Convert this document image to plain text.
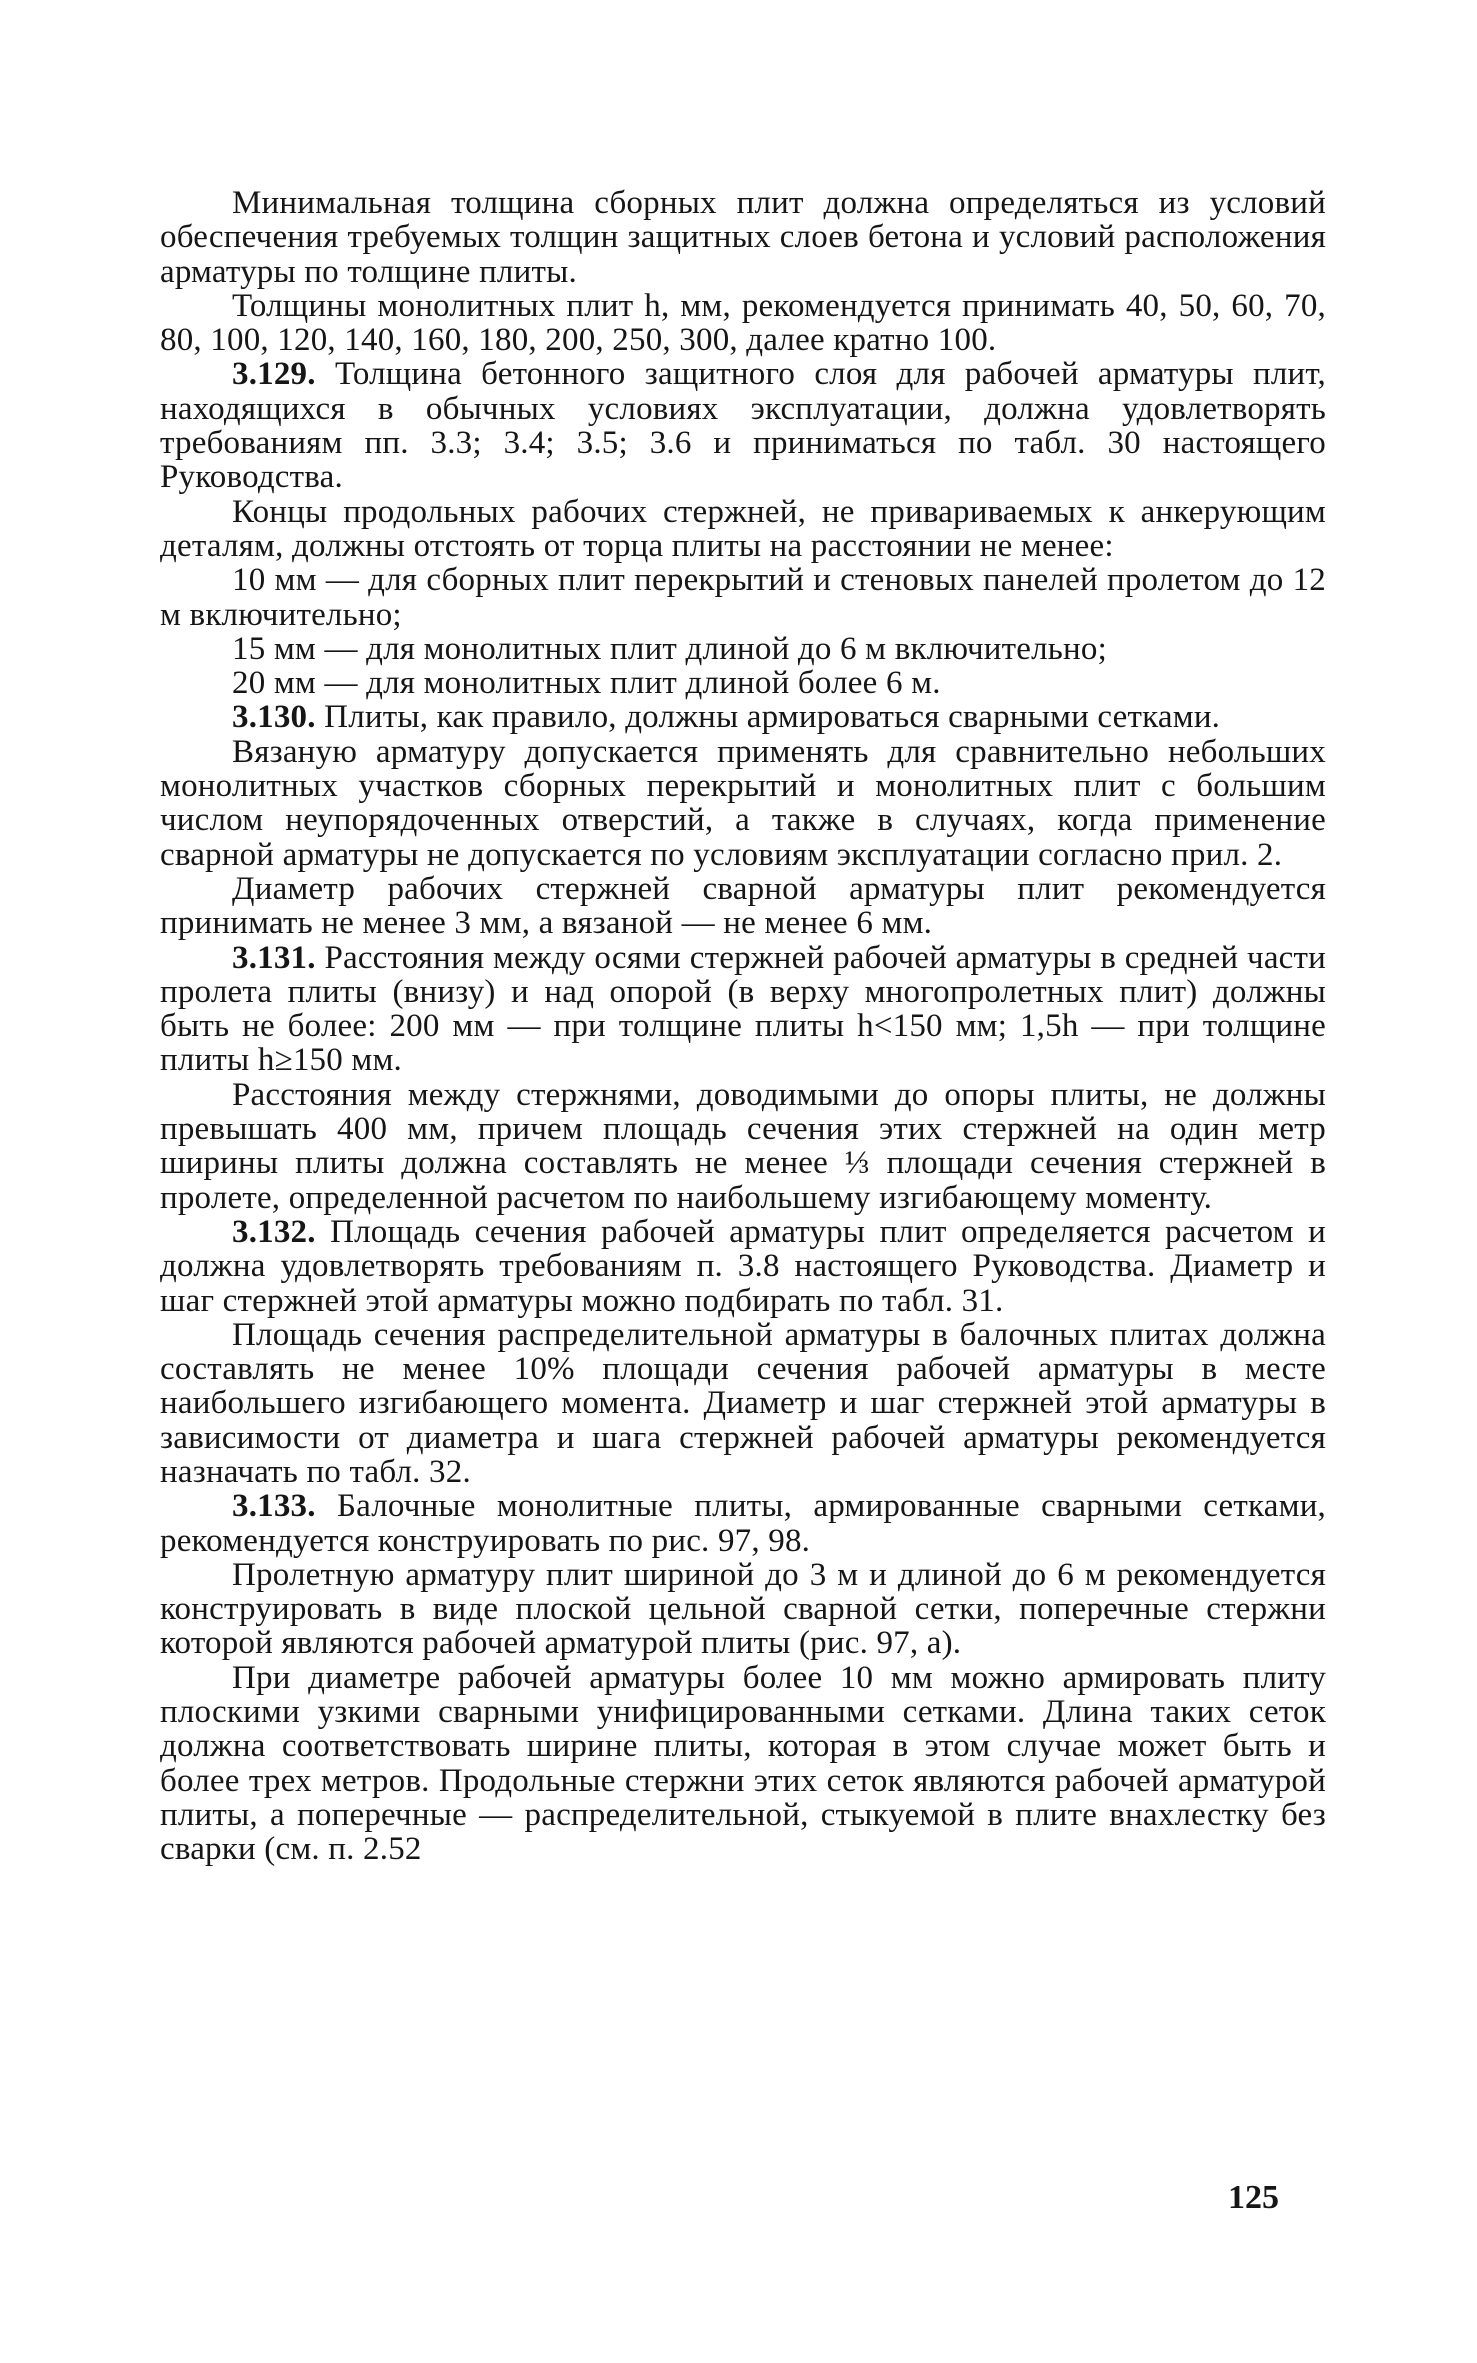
Минимальная толщина сборных плит должна определяться из условий обеспечения требуемых толщин защитных слоев бетона и условий расположения арматуры по толщине плиты.

Толщины монолитных плит h, мм, рекомендуется принимать 40, 50, 60, 70, 80, 100, 120, 140, 160, 180, 200, 250, 300, далее кратно 100.

3.129. Толщина бетонного защитного слоя для рабочей арматуры плит, находящихся в обычных условиях эксплуатации, должна удовлетворять требованиям пп. 3.3; 3.4; 3.5; 3.6 и приниматься по табл. 30 настоящего Руководства.

Концы продольных рабочих стержней, не привариваемых к анкерующим деталям, должны отстоять от торца плиты на расстоянии не менее:

10 мм — для сборных плит перекрытий и стеновых панелей пролетом до 12 м включительно;

15 мм — для монолитных плит длиной до 6 м включительно;

20 мм — для монолитных плит длиной более 6 м.

3.130. Плиты, как правило, должны армироваться сварными сетками.

Вязаную арматуру допускается применять для сравнительно небольших монолитных участков сборных перекрытий и монолитных плит с большим числом неупорядоченных отверстий, а также в случаях, когда применение сварной арматуры не допускается по условиям эксплуатации согласно прил. 2.

Диаметр рабочих стержней сварной арматуры плит рекомендуется принимать не менее 3 мм, а вязаной — не менее 6 мм.

3.131. Расстояния между осями стержней рабочей арматуры в средней части пролета плиты (внизу) и над опорой (в верху многопролетных плит) должны быть не более: 200 мм — при толщине плиты h<150 мм; 1,5h — при толщине плиты h≥150 мм.

Расстояния между стержнями, доводимыми до опоры плиты, не должны превышать 400 мм, причем площадь сечения этих стержней на один метр ширины плиты должна составлять не менее ⅓ площади сечения стержней в пролете, определенной расчетом по наибольшему изгибающему моменту.

3.132. Площадь сечения рабочей арматуры плит определяется расчетом и должна удовлетворять требованиям п. 3.8 настоящего Руководства. Диаметр и шаг стержней этой арматуры можно подбирать по табл. 31.

Площадь сечения распределительной арматуры в балочных плитах должна составлять не менее 10% площади сечения рабочей арматуры в месте наибольшего изгибающего момента. Диаметр и шаг стержней этой арматуры в зависимости от диаметра и шага стержней рабочей арматуры рекомендуется назначать по табл. 32.

3.133. Балочные монолитные плиты, армированные сварными сетками, рекомендуется конструировать по рис. 97, 98.

Пролетную арматуру плит шириной до 3 м и длиной до 6 м рекомендуется конструировать в виде плоской цельной сварной сетки, поперечные стержни которой являются рабочей арматурой плиты (рис. 97, a).

При диаметре рабочей арматуры более 10 мм можно армировать плиту плоскими узкими сварными унифицированными сетками. Длина таких сеток должна соответствовать ширине плиты, которая в этом случае может быть и более трех метров. Продольные стержни этих сеток являются рабочей арматурой плиты, а поперечные — распределительной, стыкуемой в плите внахлестку без сварки (см. п. 2.52

125
